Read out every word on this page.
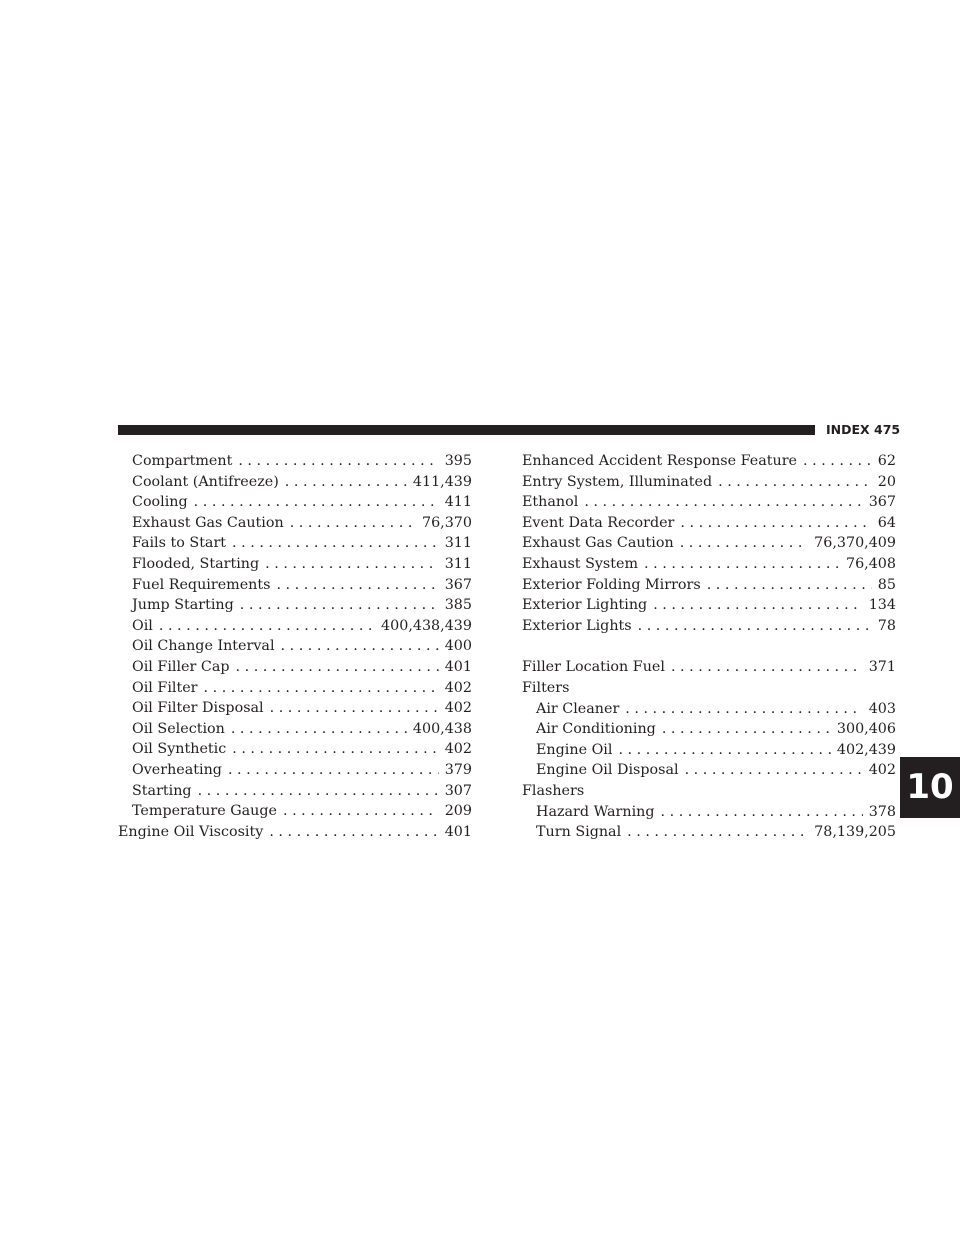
INDEX 475
10
Compartment . . .	395
Coolant (Antifreeze) . . .	411,439
Cooling . . .	411
Exhaust Gas Caution . . .	76,370
Fails to Start . . .	311
Flooded, Starting . . .	311
Fuel Requirements . . .	367
Jump Starting . . .	385
Oil . . .	400,438,439
Oil Change Interval . . .	400
Oil Filler Cap . . .	401
Oil Filter . . .	402
Oil Filter Disposal . . .	402
Oil Selection . . .	400,438
Oil Synthetic . . .	402
Overheating . . .	379
Starting . . .	307
Temperature Gauge . . .	209
Engine Oil Viscosity . . .	401
Enhanced Accident Response Feature . . .	62
Entry System, Illuminated . . .	20
Ethanol . . .	367
Event Data Recorder . . .	64
Exhaust Gas Caution . . .	76,370,409
Exhaust System . . .	76,408
Exterior Folding Mirrors . . .	85
Exterior Lighting . . .	134
Exterior Lights . . .	78
Filler Location Fuel . . .	371
Filters
Air Cleaner . . .	403
Air Conditioning . . .	300,406
Engine Oil . . .	402,439
Engine Oil Disposal . . .	402
Flashers
Hazard Warning . . .	378
Turn Signal . . .	78,139,205
